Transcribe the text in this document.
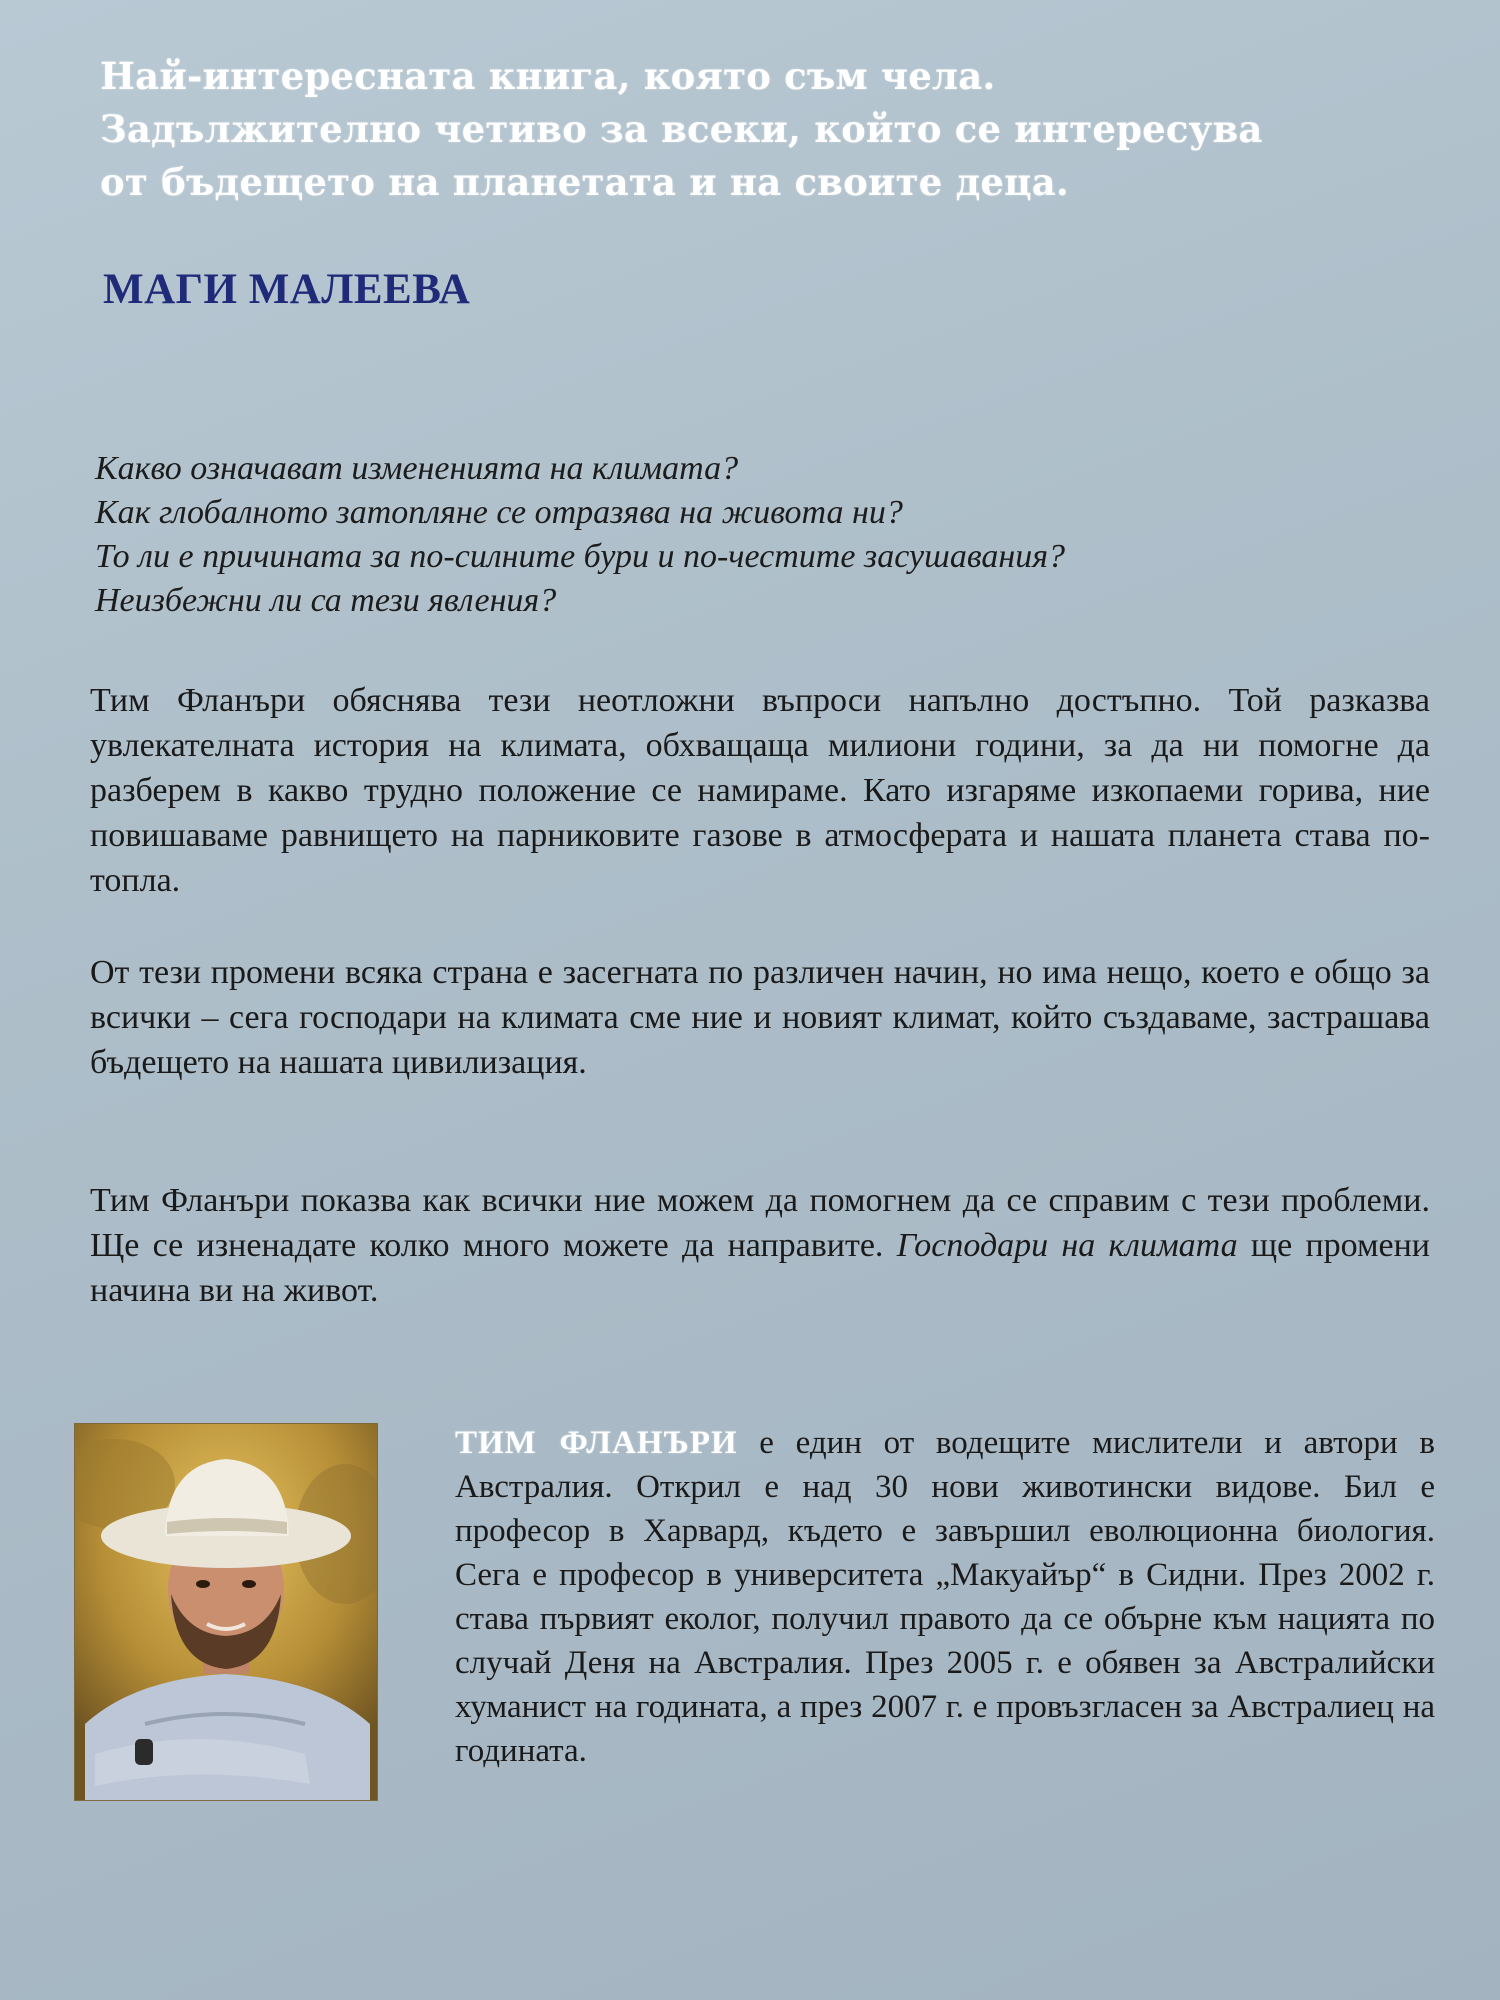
Най-интересната книга, която съм чела.
Задължително четиво за всеки, който се интересува
от бъдещето на планетата и на своите деца.
МАГИ МАЛЕЕВА
Какво означават измененията на климата?
Как глобалното затопляне се отразява на живота ни?
То ли е причината за по-силните бури и по-честите засушавания?
Неизбежни ли са тези явления?
Тим Фланъри обяснява тези неотложни въпроси напълно достъпно. Той разказва увлекателната история на климата, обхващаща милиони години, за да ни помогне да разберем в какво трудно положение се намираме. Като изгаряме изкопаеми горива, ние повишаваме равнището на парниковите газове в атмосферата и нашата планета става по-топла.
От тези промени всяка страна е засегната по различен начин, но има нещо, което е общо за всички – сега господари на климата сме ние и новият климат, който създаваме, застрашава бъдещето на нашата цивилизация.
Тим Фланъри показва как всички ние можем да помогнем да се справим с тези проблеми. Ще се изненадате колко много можете да направите. Господари на климата ще промени начина ви на живот.
ТИМ ФЛАНЪРИ е един от водещите мислители и автори в Австралия. Открил е над 30 нови животински видове. Бил е професор в Харвард, където е завършил еволюционна биология. Сега е професор в университета „Макуайър“ в Сидни. През 2002 г. става първият еколог, получил правото да се обърне към нацията по случай Деня на Австралия. През 2005 г. е обявен за Австралийски хуманист на годината, а през 2007 г. е провъзгласен за Австралиец на годината.
